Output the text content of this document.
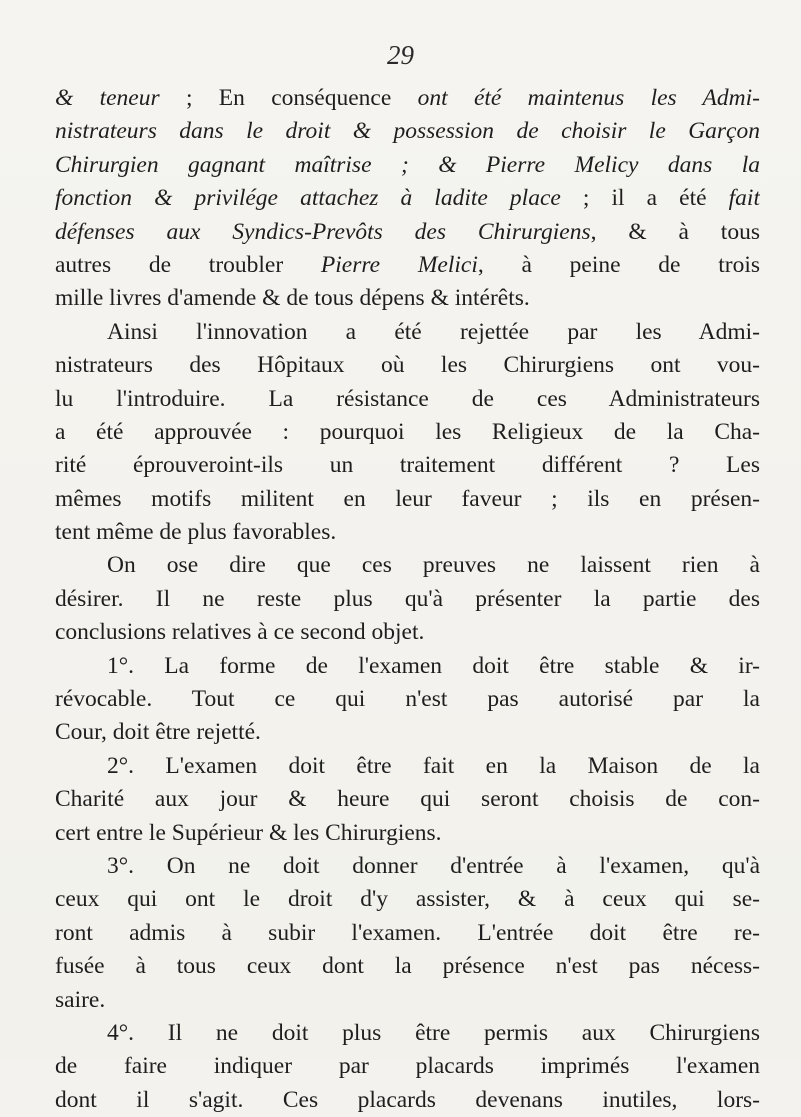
29
& teneur ; En conséquence ont été maintenus les Admi-
nistrateurs dans le droit & possession de choisir le Garçon
Chirurgien gagnant maîtrise ; & Pierre Melicy dans la
fonction & privilége attachez à ladite place ; il a été fait
défenses aux Syndics-Prevôts des Chirurgiens, & à tous
autres de troubler Pierre Melici, à peine de trois
mille livres d'amende & de tous dépens & intérêts.
Ainsi l'innovation a été rejettée par les Admi-
nistrateurs des Hôpitaux où les Chirurgiens ont vou-
lu l'introduire. La résistance de ces Administrateurs
a été approuvée : pourquoi les Religieux de la Cha-
rité éprouveroint-ils un traitement différent ? Les
mêmes motifs militent en leur faveur ; ils en présen-
tent même de plus favorables.
On ose dire que ces preuves ne laissent rien à
désirer. Il ne reste plus qu'à présenter la partie des
conclusions relatives à ce second objet.
1°. La forme de l'examen doit être stable & ir-
révocable. Tout ce qui n'est pas autorisé par la
Cour, doit être rejetté.
2°. L'examen doit être fait en la Maison de la
Charité aux jour & heure qui seront choisis de con-
cert entre le Supérieur & les Chirurgiens.
3°. On ne doit donner d'entrée à l'examen, qu'à
ceux qui ont le droit d'y assister, & à ceux qui se-
ront admis à subir l'examen. L'entrée doit être re-
fusée à tous ceux dont la présence n'est pas nécess-
saire.
4°. Il ne doit plus être permis aux Chirurgiens
de faire indiquer par placards imprimés l'examen
dont il s'agit. Ces placards devenans inutiles, lors-
